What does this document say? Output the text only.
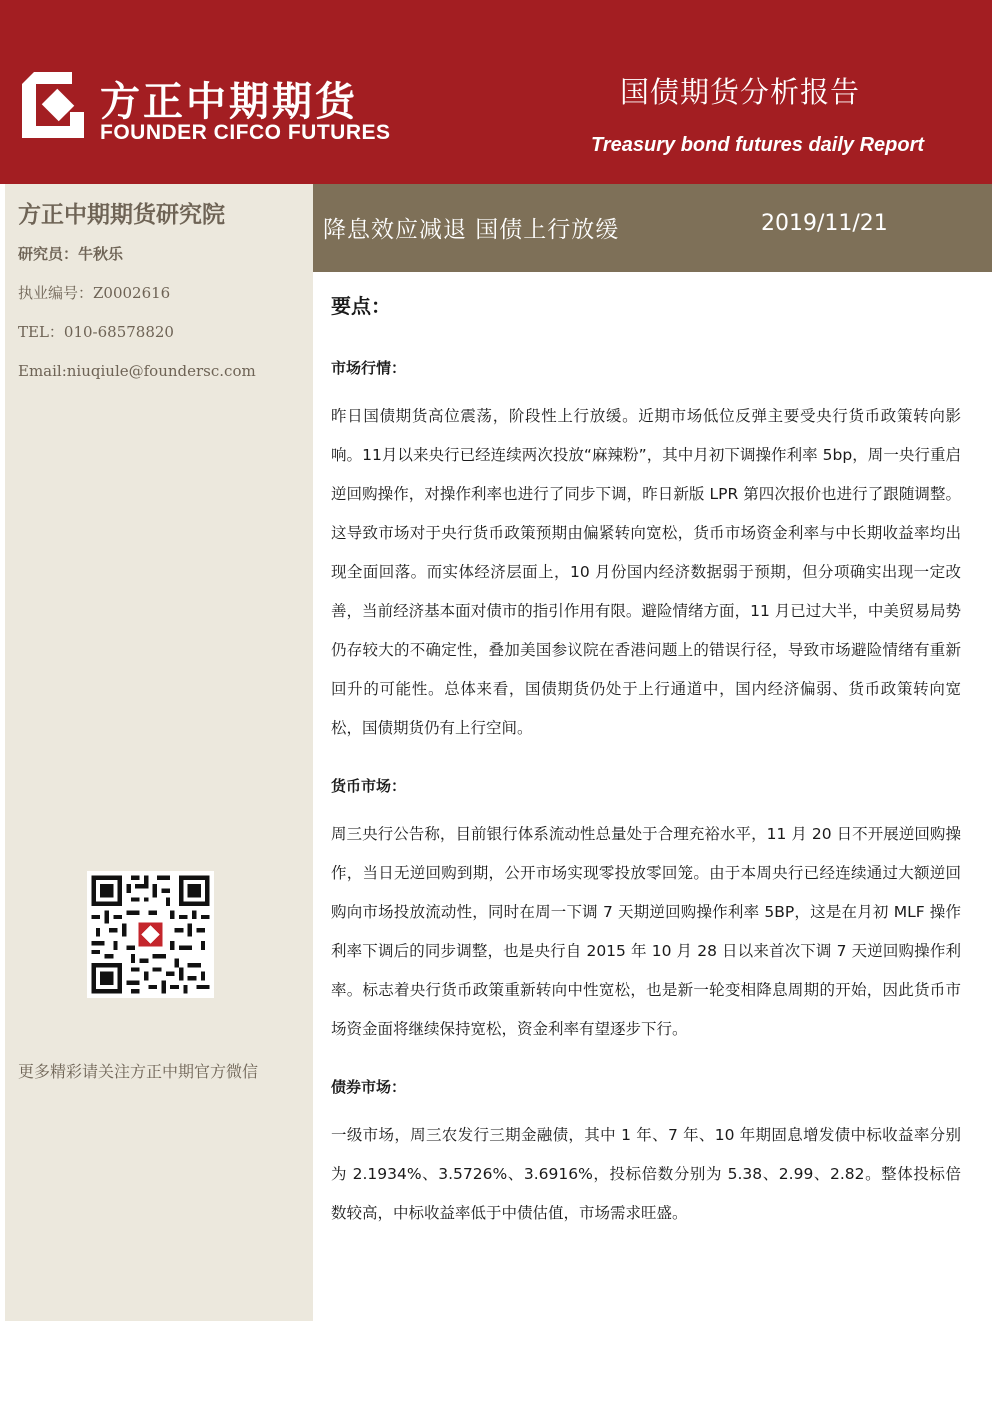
方正中期期货
FOUNDER CIFCO FUTURES
国债期货分析报告
Treasury bond futures daily Report
方正中期期货研究院
研究员：牛秋乐
执业编号：Z0002616
TEL：010-68578820
Email:niuqiule@foundersc.com
更多精彩请关注方正中期官方微信
降息效应减退 国债上行放缓	2019/11/21
要点：
市场行情：

昨日国债期货高位震荡，阶段性上行放缓。近期市场低位反弹主要受央行货币政策转向影响。11月以来央行已经连续两次投放“麻辣粉”，其中月初下调操作利率 5bp，周一央行重启逆回购操作，对操作利率也进行了同步下调，昨日新版 LPR 第四次报价也进行了跟随调整。这导致市场对于央行货币政策预期由偏紧转向宽松，货币市场资金利率与中长期收益率均出现全面回落。而实体经济层面上，10 月份国内经济数据弱于预期，但分项确实出现一定改善，当前经济基本面对债市的指引作用有限。避险情绪方面，11 月已过大半，中美贸易局势仍存较大的不确定性，叠加美国参议院在香港问题上的错误行径，导致市场避险情绪有重新回升的可能性。总体来看，国债期货仍处于上行通道中，国内经济偏弱、货币政策转向宽松，国债期货仍有上行空间。

货币市场：

周三央行公告称，目前银行体系流动性总量处于合理充裕水平，11 月 20 日不开展逆回购操作，当日无逆回购到期，公开市场实现零投放零回笼。由于本周央行已经连续通过大额逆回购向市场投放流动性，同时在周一下调 7 天期逆回购操作利率 5BP，这是在月初 MLF 操作利率下调后的同步调整，也是央行自 2015 年 10 月 28 日以来首次下调 7 天逆回购操作利率。标志着央行货币政策重新转向中性宽松，也是新一轮变相降息周期的开始，因此货币市场资金面将继续保持宽松，资金利率有望逐步下行。

债券市场：

一级市场，周三农发行三期金融债，其中 1 年、7 年、10 年期固息增发债中标收益率分别为 2.1934%、3.5726%、3.6916%，投标倍数分别为 5.38、2.99、2.82。整体投标倍数较高，中标收益率低于中债估值，市场需求旺盛。
